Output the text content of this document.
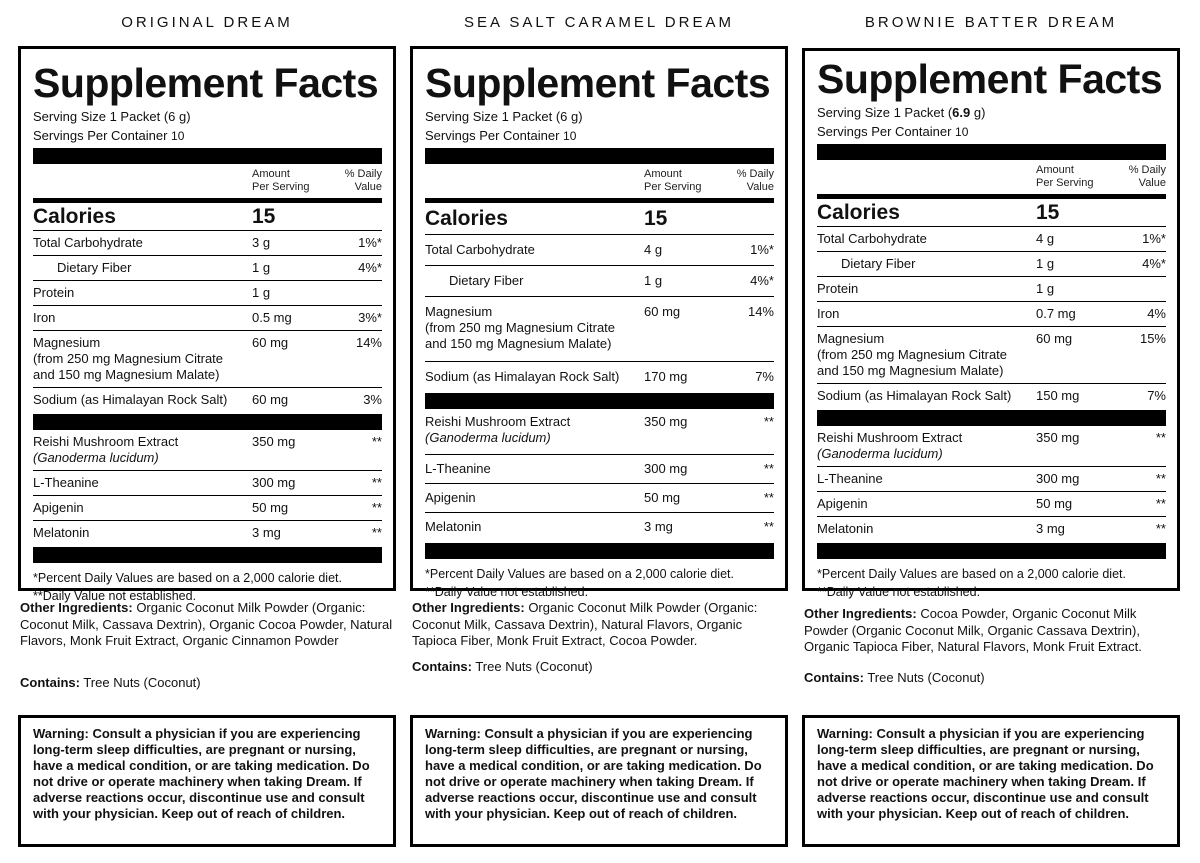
ORIGINAL DREAM
Supplement Facts
Serving Size 1 Packet (6 g)
Servings Per Container 10
Amount
Per Serving
% Daily
Value
Calories	15
Total Carbohydrate	3 g	1%*
Dietary Fiber	1 g	4%*
Protein	1 g
Iron	0.5 mg	3%*
Magnesium
(from 250 mg Magnesium Citrate
and 150 mg Magnesium Malate)
60 mg	14%
Sodium (as Himalayan Rock Salt)	60 mg	3%
Reishi Mushroom Extract
(Ganoderma lucidum)
350 mg	**
L-Theanine	300 mg	**
Apigenin	50 mg	**
Melatonin	3 mg	**
*Percent Daily Values are based on a 2,000 calorie diet.
**Daily Value not established.
Other Ingredients: Organic Coconut Milk Powder (Organic: Coconut Milk, Cassava Dextrin), Organic Cocoa Powder, Natural Flavors, Monk Fruit Extract, Organic Cinnamon Powder
Contains: Tree Nuts (Coconut)
Warning: Consult a physician if you are experiencing long-term sleep difficulties, are pregnant or nursing, have a medical condition, or are taking medication. Do not drive or operate machinery when taking Dream. If adverse reactions occur, discontinue use and consult with your physician. Keep out of reach of children.
SEA SALT CARAMEL DREAM
Supplement Facts
Serving Size 1 Packet (6 g)
Servings Per Container 10
Amount
Per Serving
% Daily
Value
Calories	15
Total Carbohydrate	4 g	1%*
Dietary Fiber	1 g	4%*
Magnesium
(from 250 mg Magnesium Citrate
and 150 mg Magnesium Malate)
60 mg	14%
Sodium (as Himalayan Rock Salt)	170 mg	7%
Reishi Mushroom Extract
(Ganoderma lucidum)
350 mg	**
L-Theanine	300 mg	**
Apigenin	50 mg	**
Melatonin	3 mg	**
*Percent Daily Values are based on a 2,000 calorie diet.
**Daily Value not established.
Other Ingredients: Organic Coconut Milk Powder (Organic: Coconut Milk, Cassava Dextrin), Natural Flavors, Organic Tapioca Fiber, Monk Fruit Extract, Cocoa Powder.
Contains: Tree Nuts (Coconut)
Warning: Consult a physician if you are experiencing long-term sleep difficulties, are pregnant or nursing, have a medical condition, or are taking medication. Do not drive or operate machinery when taking Dream. If adverse reactions occur, discontinue use and consult with your physician. Keep out of reach of children.
BROWNIE BATTER DREAM
Supplement Facts
Serving Size 1 Packet (6.9 g)
Servings Per Container 10
Amount
Per Serving
% Daily
Value
Calories	15
Total Carbohydrate	4 g	1%*
Dietary Fiber	1 g	4%*
Protein	1 g
Iron	0.7 mg	4%
Magnesium
(from 250 mg Magnesium Citrate
and 150 mg Magnesium Malate)
60 mg	15%
Sodium (as Himalayan Rock Salt)	150 mg	7%
Reishi Mushroom Extract
(Ganoderma lucidum)
350 mg	**
L-Theanine	300 mg	**
Apigenin	50 mg	**
Melatonin	3 mg	**
*Percent Daily Values are based on a 2,000 calorie diet.
**Daily Value not established.
Other Ingredients: Cocoa Powder, Organic Coconut Milk Powder (Organic Coconut Milk, Organic Cassava Dextrin), Organic Tapioca Fiber, Natural Flavors, Monk Fruit Extract.
Contains: Tree Nuts (Coconut)
Warning: Consult a physician if you are experiencing long-term sleep difficulties, are pregnant or nursing, have a medical condition, or are taking medication. Do not drive or operate machinery when taking Dream. If adverse reactions occur, discontinue use and consult with your physician. Keep out of reach of children.
